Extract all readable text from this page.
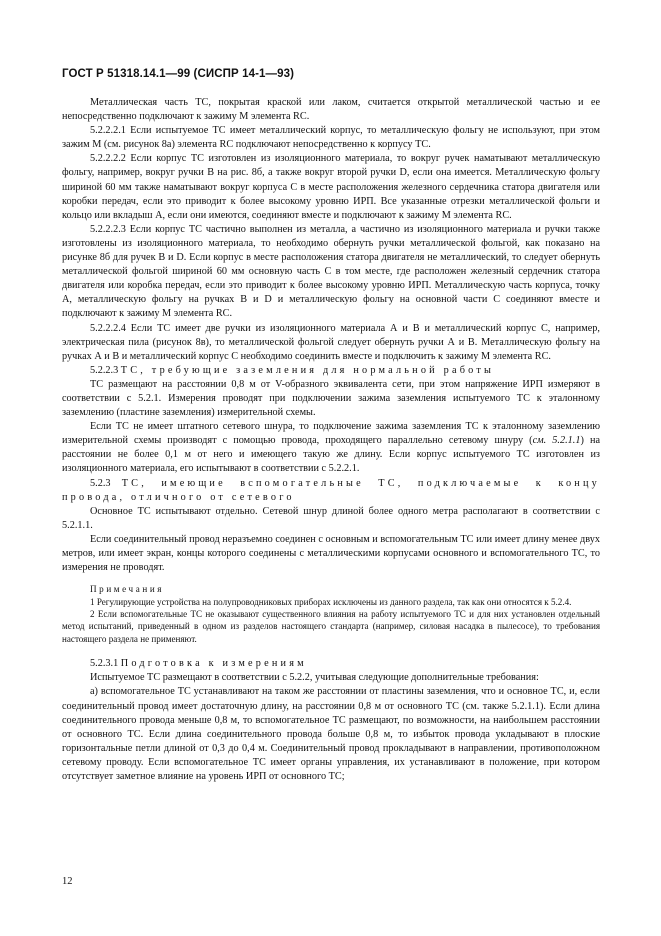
ГОСТ Р 51318.14.1—99 (СИСПР 14-1—93)

Металлическая часть ТС, покрытая краской или лаком, считается открытой металлической частью и ее непосредственно подключают к зажиму М элемента RC.

5.2.2.2.1 Если испытуемое ТС имеет металлический корпус, то металлическую фольгу не используют, при этом зажим М (см. рисунок 8а) элемента RC подключают непосредственно к корпусу ТС.

5.2.2.2.2 Если корпус ТС изготовлен из изоляционного материала, то вокруг ручек наматывают металлическую фольгу, например, вокруг ручки В на рис. 8б, а также вокруг второй ручки D, если она имеется. Металлическую фольгу шириной 60 мм также наматывают вокруг корпуса С в месте расположения железного сердечника статора двигателя или коробки передач, если это приводит к более высокому уровню ИРП. Все указанные отрезки металлической фольги и кольцо или вкладыш А, если они имеются, соединяют вместе и подключают к зажиму М элемента RC.

5.2.2.2.3 Если корпус ТС частично выполнен из металла, а частично из изоляционного материала и ручки также изготовлены из изоляционного материала, то необходимо обернуть ручки металлической фольгой, как показано на рисунке 8б для ручек В и D. Если корпус в месте расположения статора двигателя не металлический, то следует обернуть металлической фольгой шириной 60 мм основную часть С в том месте, где расположен железный сердечник статора двигателя или коробка передач, если это приводит к более высокому уровню ИРП. Металлическую часть корпуса, точку А, металлическую фольгу на ручках В и D и металлическую фольгу на основной части С соединяют вместе и подключают к зажиму М элемента RC.

5.2.2.2.4 Если ТС имеет две ручки из изоляционного материала А и В и металлический корпус С, например, электрическая пила (рисунок 8в), то металлической фольгой следует обернуть ручки А и В. Металлическую фольгу на ручках А и В и металлический корпус С необходимо соединить вместе и подключить к зажиму М элемента RC.

5.2.2.3 ТС, требующие заземления для нормальной работы

ТС размещают на расстоянии 0,8 м от V-образного эквивалента сети, при этом напряжение ИРП измеряют в соответствии с 5.2.1. Измерения проводят при подключении зажима заземления испытуемого ТС к эталонному заземлению (пластине заземления) измерительной схемы.

Если ТС не имеет штатного сетевого шнура, то подключение зажима заземления ТС к эталонному заземлению измерительной схемы производят с помощью провода, проходящего параллельно сетевому шнуру (см. 5.2.1.1) на расстоянии не более 0,1 м от него и имеющего такую же длину. Если корпус испытуемого ТС изготовлен из изоляционного материала, его испытывают в соответствии с 5.2.2.1.

5.2.3 ТС, имеющие вспомогательные ТС, подключаемые к концу провода, отличного от сетевого

Основное ТС испытывают отдельно. Сетевой шнур длиной более одного метра располагают в соответствии с 5.2.1.1.

Если соединительный провод неразъемно соединен с основным и вспомогательным ТС или имеет длину менее двух метров, или имеет экран, концы которого соединены с металлическими корпусами основного и вспомогательного ТС, то измерения не проводят.

Примечания

1 Регулирующие устройства на полупроводниковых приборах исключены из данного раздела, так как они относятся к 5.2.4.

2 Если вспомогательные ТС не оказывают существенного влияния на работу испытуемого ТС и для них установлен отдельный метод испытаний, приведенный в одном из разделов настоящего стандарта (например, силовая насадка в пылесосе), то требования настоящего раздела не применяют.

5.2.3.1 Подготовка к измерениям

Испытуемое ТС размещают в соответствии с 5.2.2, учитывая следующие дополнительные требования:

а) вспомогательное ТС устанавливают на таком же расстоянии от пластины заземления, что и основное ТС, и, если соединительный провод имеет достаточную длину, на расстоянии 0,8 м от основного ТС (см. также 5.2.1.1). Если длина соединительного провода меньше 0,8 м, то вспомогательное ТС размещают, по возможности, на наибольшем расстоянии от основного ТС. Если длина соединительного провода больше 0,8 м, то избыток провода укладывают в плоские горизонтальные петли длиной от 0,3 до 0,4 м. Соединительный провод прокладывают в направлении, противоположном сетевому проводу. Если вспомогательное ТС имеет органы управления, их устанавливают в положение, при котором отсутствует заметное влияние на уровень ИРП от основного ТС;

12
